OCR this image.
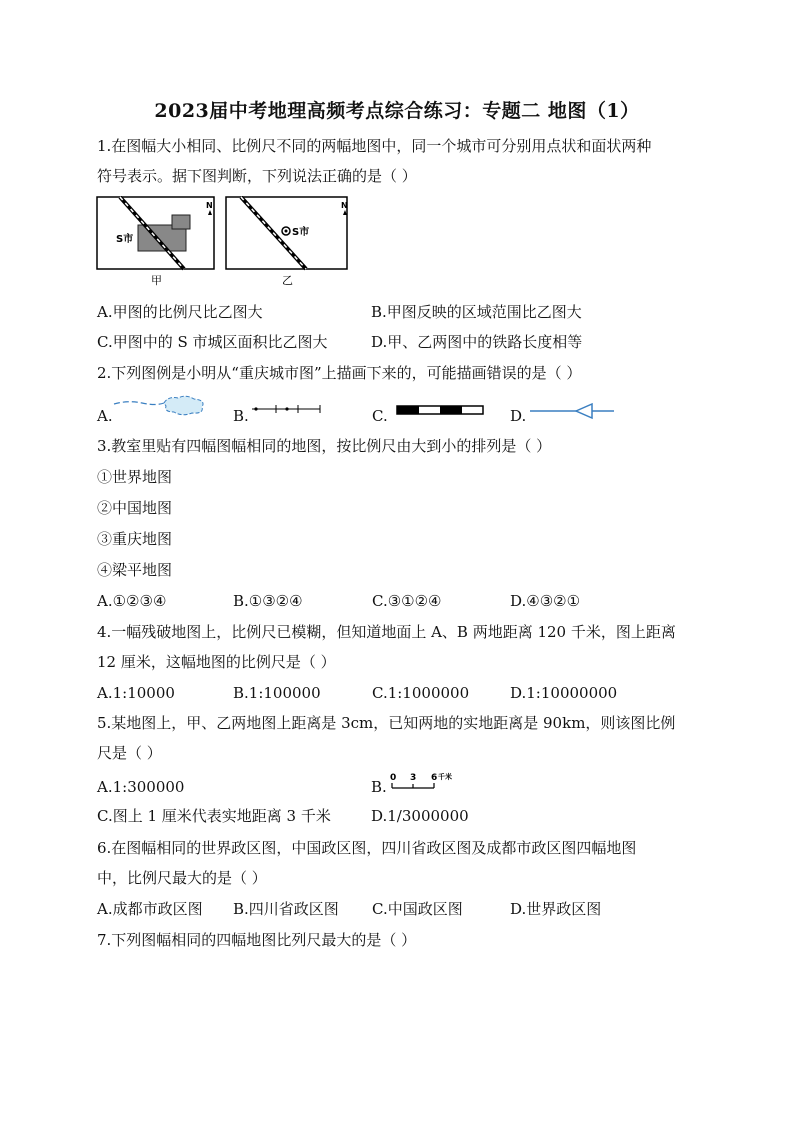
2023届中考地理高频考点综合练习：专题二 地图（1）
1.在图幅大小相同、比例尺不同的两幅地图中，同一个城市可分别用点状和面状两种
符号表示。据下图判断，下列说法正确的是（ ）
S市
N
甲
S市
N
乙
A.甲图的比例尺比乙图大	B.甲图反映的区域范围比乙图大
C.甲图中的 S 市城区面积比乙图大	D.甲、乙两图中的铁路长度相等
2.下列图例是小明从“重庆城市图”上描画下来的，可能描画错误的是（ ）
A.	B.	C.	D.
3.教室里贴有四幅图幅相同的地图，按比例尺由大到小的排列是（ ）
①世界地图
②中国地图
③重庆地图
④梁平地图
A.①②③④	B.①③②④	C.③①②④	D.④③②①
4.一幅残破地图上，比例尺已模糊，但知道地面上 A、B 两地距离 120 千米，图上距离
12 厘米，这幅地图的比例尺是（ ）
A.1:10000	B.1:100000	C.1:1000000	D.1:10000000
5.某地图上，甲、乙两地图上距离是 3cm，已知两地的实地距离是 90km，则该图比例
尺是（ ）
A.1:300000	B. 0 3 6 千米
C.图上 1 厘米代表实地距离 3 千米	D.1/3000000
6.在图幅相同的世界政区图，中国政区图，四川省政区图及成都市政区图四幅地图
中，比例尺最大的是（ ）
A.成都市政区图 B.四川省政区图 C.中国政区图	D.世界政区图
7.下列图幅相同的四幅地图比列尺最大的是（ ）
